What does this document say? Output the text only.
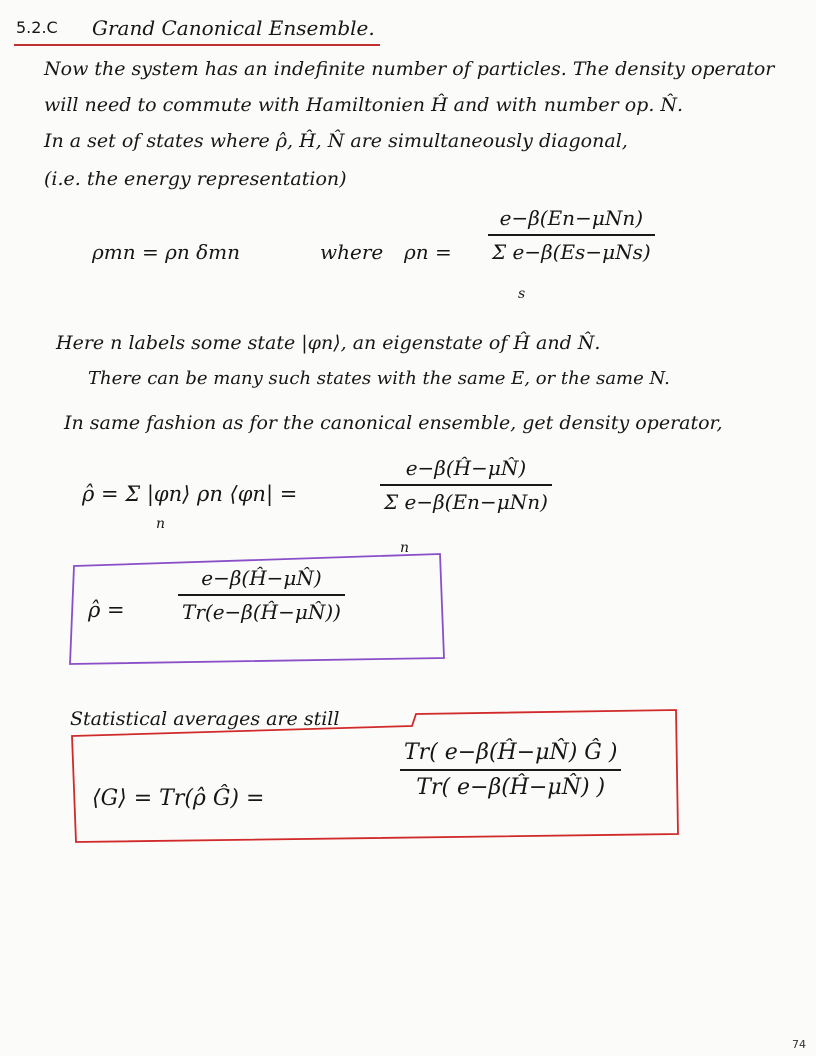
5.2.C Grand Canonical Ensemble.
Now the system has an indefinite number of particles. The density operator
will need to commute with Hamiltonien Ĥ and with number op. N̂.
In a set of states where ρ̂, Ĥ, N̂ are simultaneously diagonal,
(i.e. the energy representation)
ρmn = ρn δmn	where ρn =
e−β(En−μNn)
Σ e−β(Es−μNs)
s
Here n labels some state |φn⟩, an eigenstate of Ĥ and N̂.
There can be many such states with the same E, or the same N.
In same fashion as for the canonical ensemble, get density operator,
ρ̂ = Σ |φn⟩ ρn ⟨φn| =
n
e−β(Ĥ−μN̂)
Σ e−β(En−μNn)
n
ρ̂ =
e−β(Ĥ−μN̂)
Tr(e−β(Ĥ−μN̂))
Statistical averages are still
⟨G⟩ = Tr(ρ̂ Ĝ) =
Tr( e−β(Ĥ−μN̂) Ĝ )
Tr( e−β(Ĥ−μN̂) )
74
